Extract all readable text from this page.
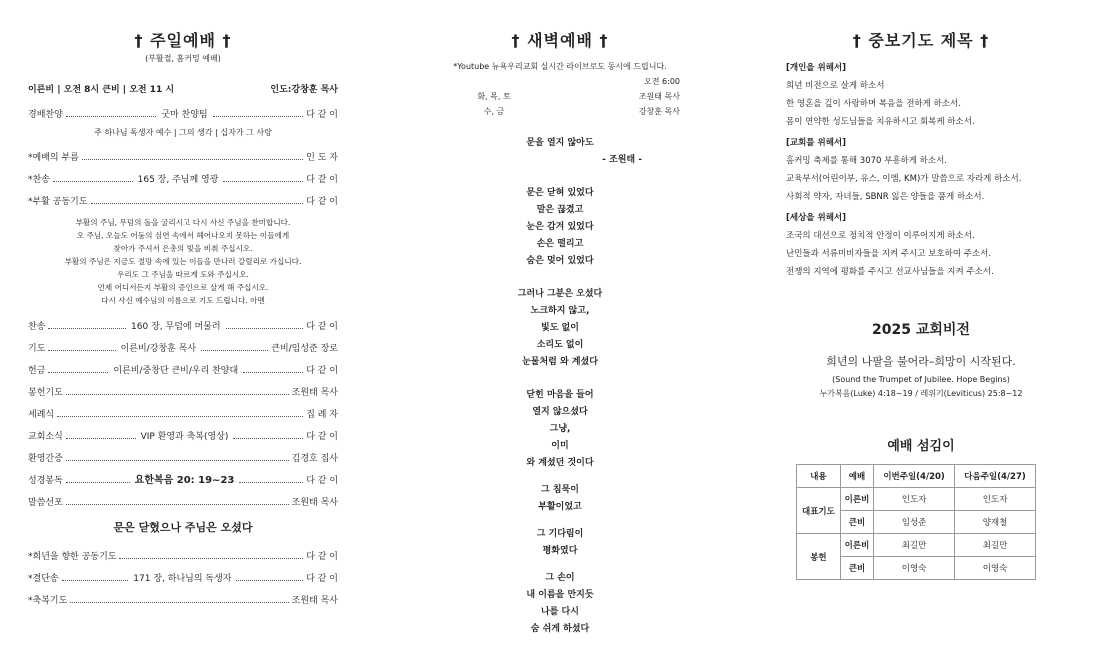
† 주일예배 †

(부활절, 홈커밍 예배)

이른비 | 오전 8시 큰비 | 오전 11 시	인도:강창훈 목사
경배찬양	굿마 찬양팀	다 같 이
주 하나님 독생자 예수 | 그의 생각 | 십자가 그 사랑
*예배의 부름	인 도 자
*찬송	165 장, 주님께 영광	다 같 이
*부활 공동기도	다 같 이
부활의 주님, 무덤의 돌을 굴리시고 다시 사신 주님을 찬미합니다.
오 주님, 오늘도 어둠의 심연 속에서 헤어나오지 못하는 이들에게
찾아가 주셔서 은총의 빛을 비춰 주십시오.
부활의 주님은 지금도 절망 속에 있는 이들을 만나러 갈릴리로 가십니다.
우리도 그 주님을 따르게 도와 주십시오.
언제 어디서든지 부활의 증인으로 살게 해 주십시오.
다시 사신 예수님의 이름으로 기도 드립니다. 아멘
찬송	160 장, 무덤에 머물러	다 같 이
기도	이른비/강창훈 목사	큰비/임성준 장로
헌금	이른비/중창단 큰비/우리 찬양대	다 같 이
봉헌기도	조원태 목사
세례식	집 례 자
교회소식	VIP 환영과 축복(영상)	다 같 이
환영간증	김경호 집사
성경봉독	요한복음 20: 19~23	다 같 이
말씀선포	조원태 목사
문은 닫혔으나 주님은 오셨다
*희년을 향한 공동기도	다 같 이
*결단송	171 장, 하나님의 독생자	다 같 이
*축복기도	조원태 목사
† 새벽예배 †
*Youtube 뉴욕우리교회 실시간 라이브로도 동시에 드립니다.
오전 6:00
화, 목, 토	조원태 목사
수, 금	강창훈 목사
문을 열지 않아도
- 조원태 -
문은 닫혀 있었다
말은 끊겼고
눈은 감겨 있었다
손은 떨리고
숨은 멎어 있었다
그러나 그분은 오셨다
노크하지 않고,
빛도 없이
소리도 없이
눈물처럼 와 계셨다
닫힌 마음을 들어
열지 않으셨다
그냥,
이미
와 계셨던 것이다
그 침묵이
부활이었고
그 기다림이
평화였다
그 손이
내 이름을 만지듯
나를 다시
숨 쉬게 하셨다
† 중보기도 제목 †
[개인을 위해서]
희년 비전으로 살게 하소서
한 영혼을 깊이 사랑하며 복음을 전하게 하소서.
몸이 연약한 성도님들을 치유하시고 회복케 하소서.
[교회를 위해서]
홈커밍 축제를 통해 3070 부흥하게 하소서.
교육부서(어린이부, 유스, 이엠, KM)가 말씀으로 자라게 하소서.
사회적 약자, 자녀들, SBNR 잃은 양들을 품게 하소서.
[세상을 위해서]
조국의 대선으로 정치적 안정이 이루어지게 하소서.
난민들과 서류미비자들을 지켜 주시고 보호하여 주소서.
전쟁의 지역에 평화를 주시고 선교사님들을 지켜 주소서.
2025 교회비전
희년의 나팔을 불어라–희망이 시작된다.
(Sound the Trumpet of Jubilee. Hope Begins)
누가복음(Luke) 4:18~19 / 레위기(Leviticus) 25:8~12
예배 섬김이
내용	예배	이번주일(4/20)	다음주일(4/27)
대표기도	이른비	인도자	인도자
	큰비	임성준	양재철
봉헌	이른비	최길만	최길만
	큰비	이영숙	이영숙
